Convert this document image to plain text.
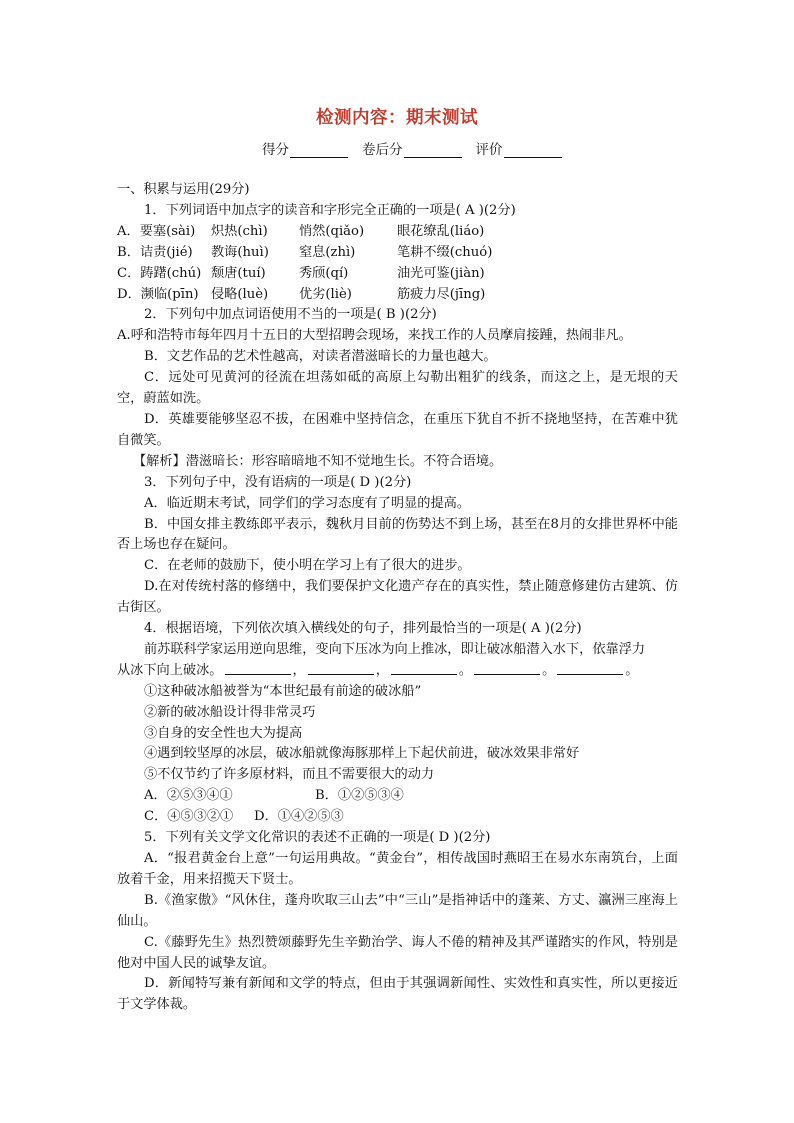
检测内容：期末测试
得分	卷后分	评价
一、积累与运用(29分)
1．下列词语中加点字的读音和字形完全正确的一项是( A )(2分)
A．要塞(sài) 炽热(chì) 悄然(qiǎo) 眼花缭乱(liáo)
B．诘责(jié) 教诲(huì) 窒息(zhì)	笔耕不缀(chuó)
C．踌躇(chú) 颓唐(tuí)	秀颀(qí)	油光可鉴(jiàn)
D．濒临(pīn) 侵略(luè) 优劣(liè)	筋疲力尽(jīng)
2．下列句中加点词语使用不当的一项是( B )(2分)
A.呼和浩特市每年四月十五日的大型招聘会现场，来找工作的人员摩肩接踵，热闹非凡。
B．文艺作品的艺术性越高，对读者潜滋暗长的力量也越大。
C．远处可见黄河的径流在坦荡如砥的高原上勾勒出粗犷的线条，而这之上，是无垠的天空，蔚蓝如洗。
D．英雄要能够坚忍不拔，在困难中坚持信念，在重压下犹自不折不挠地坚持，在苦难中犹自微笑。
【解析】潜滋暗长：形容暗暗地不知不觉地生长。不符合语境。
3．下列句子中，没有语病的一项是( D )(2分)
A．临近期末考试，同学们的学习态度有了明显的提高。
B．中国女排主教练郎平表示，魏秋月目前的伤势达不到上场，甚至在8月的女排世界杯中能否上场也存在疑问。
C．在老师的鼓励下，使小明在学习上有了很大的进步。
D.在对传统村落的修缮中，我们要保护文化遗产存在的真实性，禁止随意修建仿古建筑、仿古街区。
4．根据语境，下列依次填入横线处的句子，排列最恰当的一项是( A )(2分)
前苏联科学家运用逆向思维，变向下压冰为向上推冰，即让破冰船潜入水下，依靠浮力
从冰下向上破冰。	，	，	。	。	。
①这种破冰船被誉为“本世纪最有前途的破冰船”
②新的破冰船设计得非常灵巧
③自身的安全性也大为提高
④遇到较坚厚的冰层，破冰船就像海豚那样上下起伏前进，破冰效果非常好
⑤不仅节约了许多原材料，而且不需要很大的动力
A．②⑤③④①	B．①②⑤③④
C．④⑤③②① D．①④②⑤③
5．下列有关文学文化常识的表述不正确的一项是( D )(2分)
A．“报君黄金台上意”一句运用典故。“黄金台”，相传战国时燕昭王在易水东南筑台，上面放着千金，用来招揽天下贤士。
B.《渔家傲》“风休住，蓬舟吹取三山去”中“三山”是指神话中的蓬莱、方丈、瀛洲三座海上仙山。
C.《藤野先生》热烈赞颂藤野先生辛勤治学、诲人不倦的精神及其严谨踏实的作风，特别是他对中国人民的诚挚友谊。
D．新闻特写兼有新闻和文学的特点，但由于其强调新闻性、实效性和真实性，所以更接近于文学体裁。
